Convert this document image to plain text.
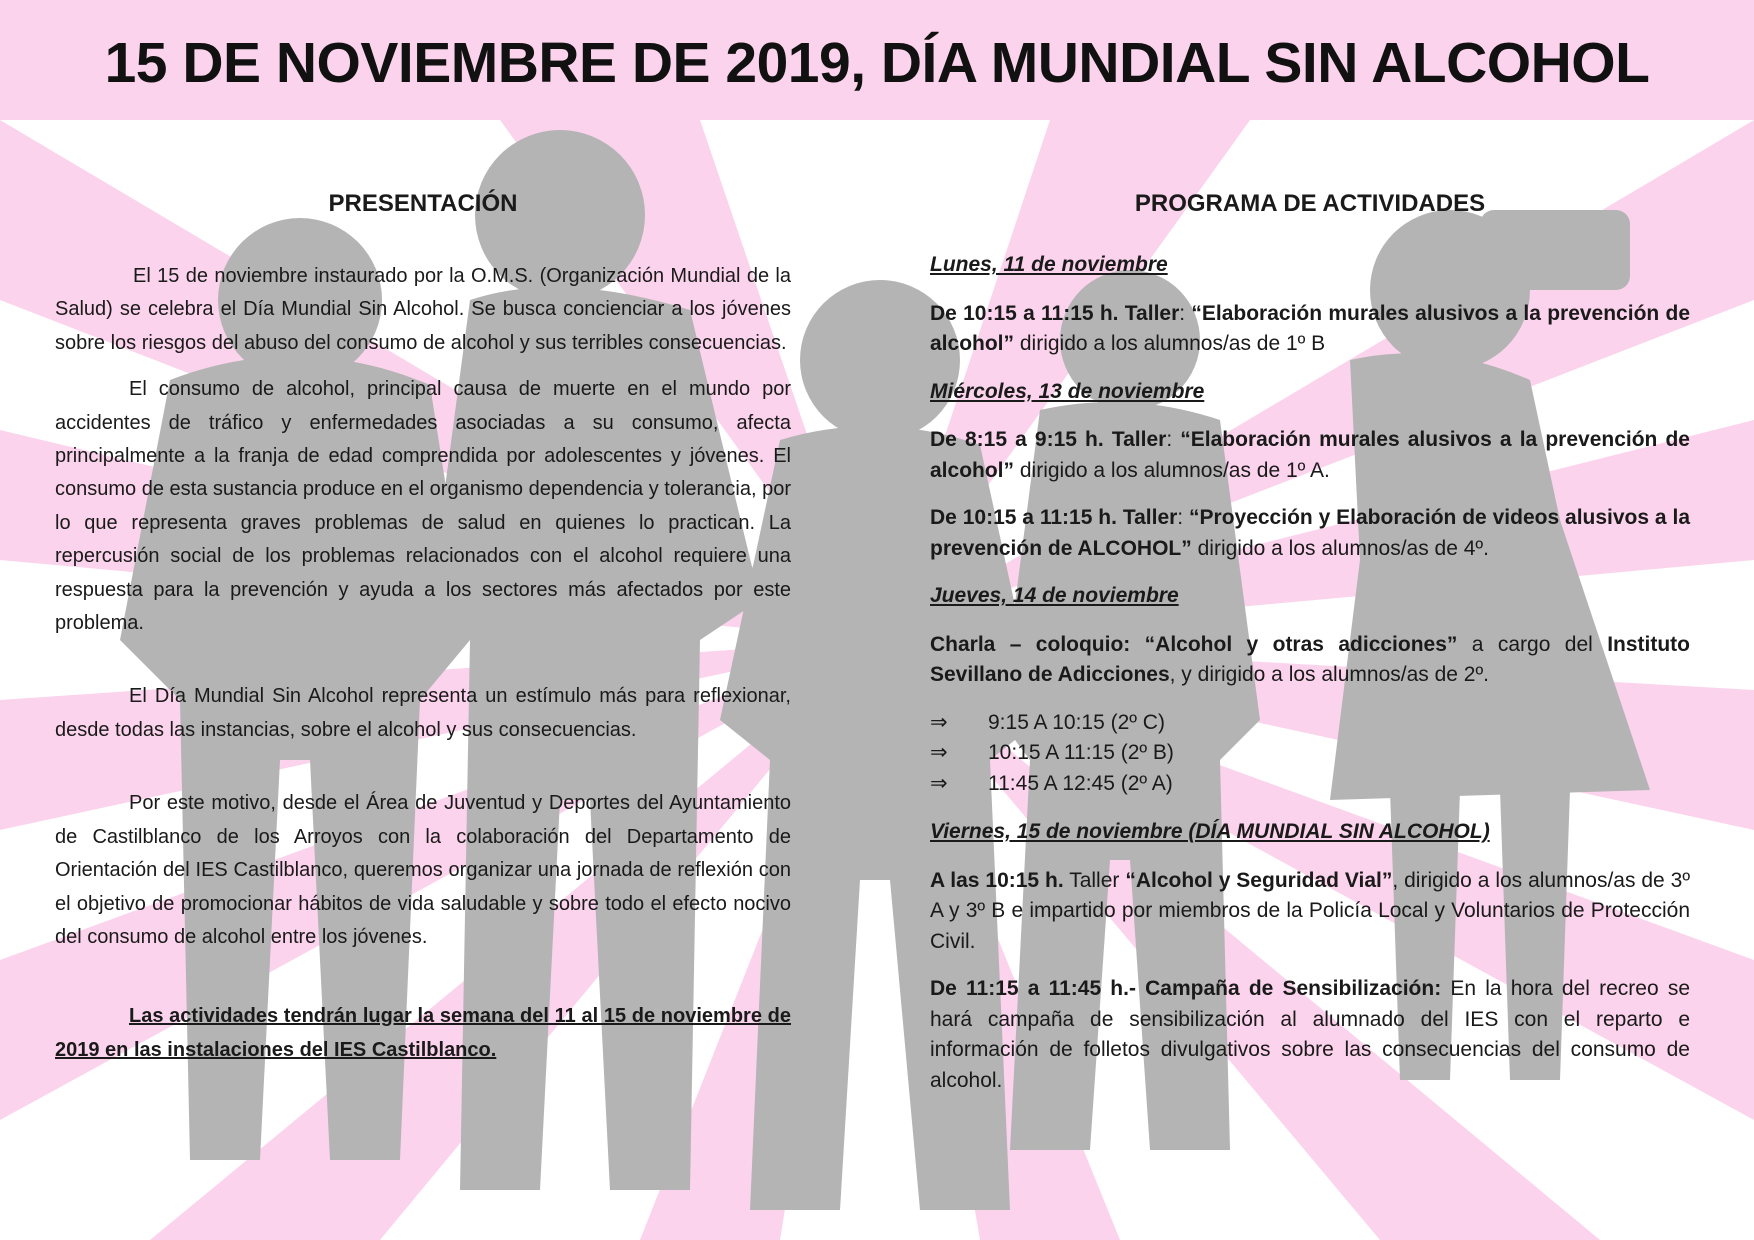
15 DE NOVIEMBRE DE 2019, DÍA MUNDIAL SIN ALCOHOL
PRESENTACIÓN	PROGRAMA DE ACTIVIDADES

El 15 de noviembre instaurado por la O.M.S. (Organización Mundial de la Salud) se celebra el Día Mundial Sin Alcohol. Se busca concienciar a los jóvenes sobre los riesgos del abuso del consumo de alcohol y sus terribles consecuencias.

El consumo de alcohol, principal causa de muerte en el mundo por accidentes de tráfico y enfermedades asociadas a su consumo, afecta principalmente a la franja de edad comprendida por adolescentes y jóvenes. El consumo de esta sustancia produce en el organismo dependencia y tolerancia, por lo que representa graves problemas de salud en quienes lo practican. La repercusión social de los problemas relacionados con el alcohol requiere una respuesta para la prevención y ayuda a los sectores más afectados por este problema.

El Día Mundial Sin Alcohol representa un estímulo más para reflexionar, desde todas las instancias, sobre el alcohol y sus consecuencias.

Por este motivo, desde el Área de Juventud y Deportes del Ayuntamiento de Castilblanco de los Arroyos con la colaboración del Departamento de Orientación del IES Castilblanco, queremos organizar una jornada de reflexión con el objetivo de promocionar hábitos de vida saludable y sobre todo el efecto nocivo del consumo de alcohol entre los jóvenes.

Las actividades tendrán lugar la semana del 11 al 15 de noviembre de 2019 en las instalaciones del IES Castilblanco.

Lunes, 11 de noviembre

De 10:15 a 11:15 h. Taller: “Elaboración murales alusivos a la prevención de alcohol” dirigido a los alumnos/as de 1º B

Miércoles, 13 de noviembre

De 8:15 a 9:15 h. Taller: “Elaboración murales alusivos a la prevención de alcohol” dirigido a los alumnos/as de 1º A.

De 10:15 a 11:15 h. Taller: “Proyección y Elaboración de videos alusivos a la prevención de ALCOHOL” dirigido a los alumnos/as de 4º.

Jueves, 14 de noviembre

Charla – coloquio: “Alcohol y otras adicciones” a cargo del Instituto Sevillano de Adicciones, y dirigido a los alumnos/as de 2º.

⇒	9:15 A 10:15 (2º C)
⇒	10:15 A 11:15 (2º B)
⇒	11:45 A 12:45 (2º A)
Viernes, 15 de noviembre (DÍA MUNDIAL SIN ALCOHOL)

A las 10:15 h. Taller “Alcohol y Seguridad Vial”, dirigido a los alumnos/as de 3º A y 3º B e impartido por miembros de la Policía Local y Voluntarios de Protección Civil.

De 11:15 a 11:45 h.- Campaña de Sensibilización: En la hora del recreo se hará campaña de sensibilización al alumnado del IES con el reparto e información de folletos divulgativos sobre las consecuencias del consumo de alcohol.
